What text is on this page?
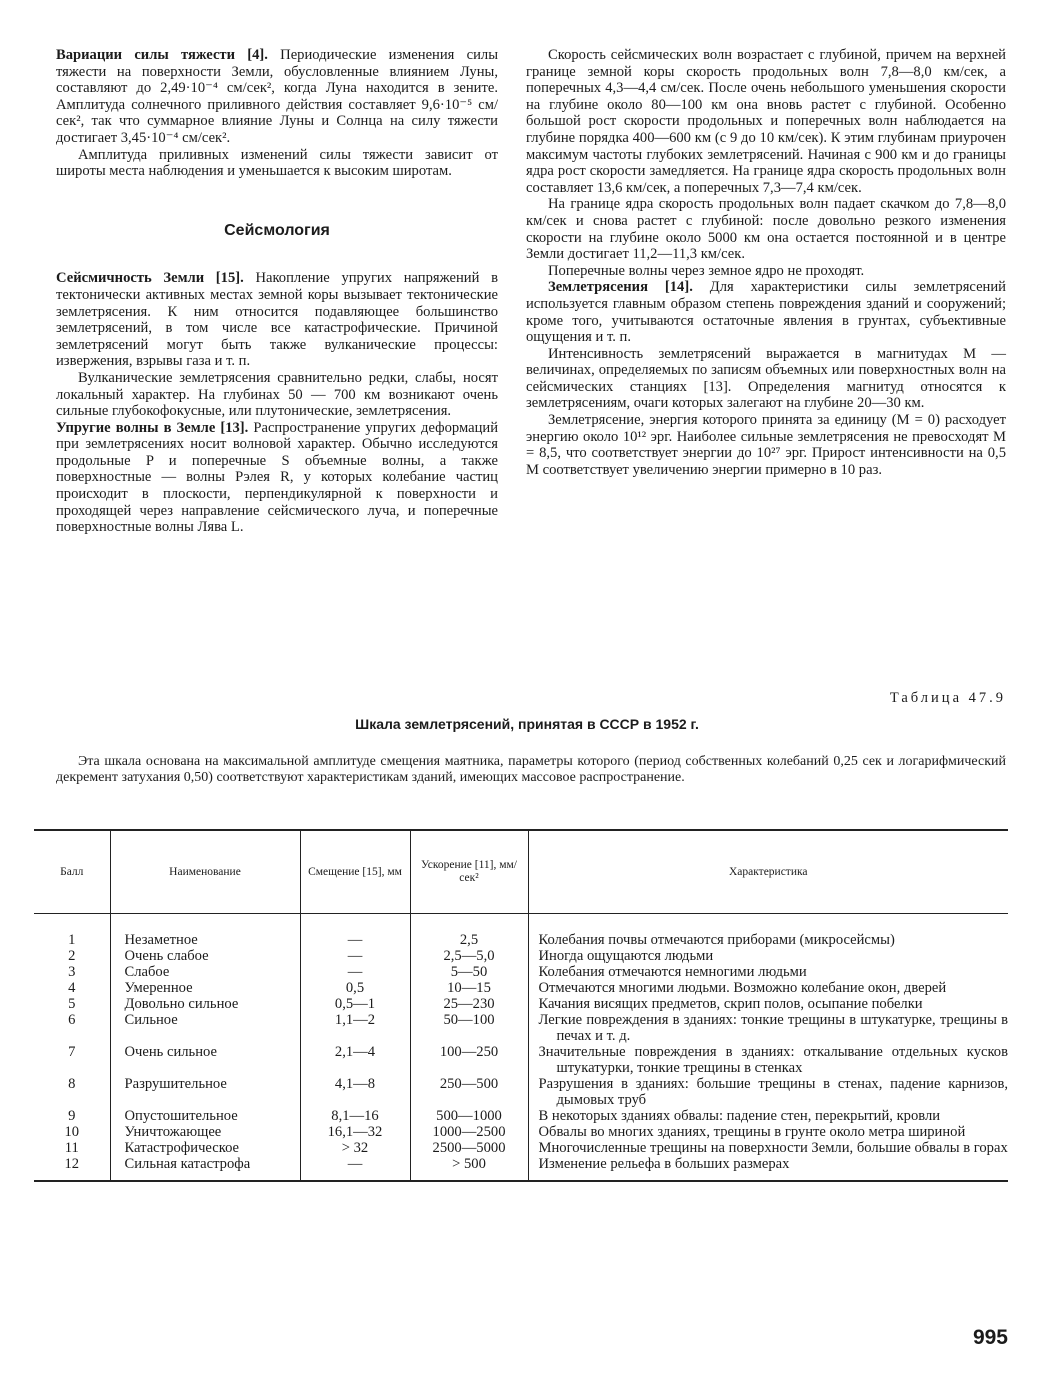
Вариации силы тяжести [4]. Периодические изменения силы тяжести на поверхности Земли, обусловленные влиянием Луны, составляют до 2,49·10⁻⁴ см/сек², когда Луна находится в зените. Амплитуда солнечного приливного действия составляет 9,6·10⁻⁵ см/сек², так что суммарное влияние Луны и Солнца на силу тяжести достигает 3,45·10⁻⁴ см/сек².

Амплитуда приливных изменений силы тяжести зависит от широты места наблюдения и уменьшается к высоким широтам.

Сейсмология

Сейсмичность Земли [15]. Накопление упругих напряжений в тектонически активных местах земной коры вызывает тектонические землетрясения. К ним относится подавляющее большинство землетрясений, в том числе все катастрофические. Причиной землетрясений могут быть также вулканические процессы: извержения, взрывы газа и т. п.

Вулканические землетрясения сравнительно редки, слабы, носят локальный характер. На глубинах 50 — 700 км возникают очень сильные глубокофокусные, или плутонические, землетрясения.

Упругие волны в Земле [13]. Распространение упругих деформаций при землетрясениях носит волновой характер. Обычно исследуются продольные P и поперечные S объемные волны, а также поверхностные — волны Рэлея R, у которых колебание частиц происходит в плоскости, перпендикулярной к поверхности и проходящей через направление сейсмического луча, и поперечные поверхностные волны Лява L.

Скорость сейсмических волн возрастает с глубиной, причем на верхней границе земной коры скорость продольных волн 7,8—8,0 км/сек, а поперечных 4,3—4,4 см/сек. После очень небольшого уменьшения скорости на глубине около 80—100 км она вновь растет с глубиной. Особенно большой рост скорости продольных и поперечных волн наблюдается на глубине порядка 400—600 км (с 9 до 10 км/сек). К этим глубинам приурочен максимум частоты глубоких землетрясений. Начиная с 900 км и до границы ядра рост скорости замедляется. На границе ядра скорость продольных волн составляет 13,6 км/сек, а поперечных 7,3—7,4 км/сек.

На границе ядра скорость продольных волн падает скачком до 7,8—8,0 км/сек и снова растет с глубиной: после довольно резкого изменения скорости на глубине около 5000 км она остается постоянной и в центре Земли достигает 11,2—11,3 км/сек.

Поперечные волны через земное ядро не проходят.

Землетрясения [14]. Для характеристики силы землетрясений используется главным образом степень повреждения зданий и сооружений; кроме того, учитываются остаточные явления в грунтах, субъективные ощущения и т. п.

Интенсивность землетрясений выражается в магнитудах M — величинах, определяемых по записям объемных или поверхностных волн на сейсмических станциях [13]. Определения магнитуд относятся к землетрясениям, очаги которых залегают на глубине 20—30 км.

Землетрясение, энергия которого принята за единицу (M = 0) расходует энергию около 10¹² эрг. Наиболее сильные землетрясения не превосходят M = 8,5, что соответствует энергии до 10²⁷ эрг. Прирост интенсивности на 0,5 M соответствует увеличению энергии примерно в 10 раз.

Таблица 47.9
Шкала землетрясений, принятая в СССР в 1952 г.
Эта шкала основана на максимальной амплитуде смещения маятника, параметры которого (период собственных колебаний 0,25 сек и логарифмический декремент затухания 0,50) соответствуют характеристикам зданий, имеющих массовое распространение.
Балл	Наименование	Смещение [15], мм	Ускорение [11], мм/сек²	Характеристика
1	Незаметное	—	2,5	Колебания почвы отмечаются приборами (микросейсмы)

2	Очень слабое	—	2,5—5,0	Иногда ощущаются людьми

3	Слабое	—	5—50	Колебания отмечаются немногими людьми

4	Умеренное	0,5	10—15	Отмечаются многими людьми. Возможно колебание окон, дверей

5	Довольно сильное	0,5—1	25—230	Качания висящих предметов, скрип полов, осыпание побелки

6	Сильное	1,1—2	50—100	Легкие повреждения в зданиях: тонкие трещины в штукатурке, трещины в печах и т. д.

7	Очень сильное	2,1—4	100—250	Значительные повреждения в зданиях: откалывание отдельных кусков штукатурки, тонкие трещины в стенках

8	Разрушительное	4,1—8	250—500	Разрушения в зданиях: большие трещины в стенах, падение карнизов, дымовых труб

9	Опустошительное	8,1—16	500—1000	В некоторых зданиях обвалы: падение стен, перекрытий, кровли

10	Уничтожающее	16,1—32	1000—2500	Обвалы во многих зданиях, трещины в грунте около метра шириной

11	Катастрофическое	> 32	2500—5000	Многочисленные трещины на поверхности Земли, большие обвалы в горах

12	Сильная катастрофа	—	> 500	Изменение рельефа в больших размерах
995
